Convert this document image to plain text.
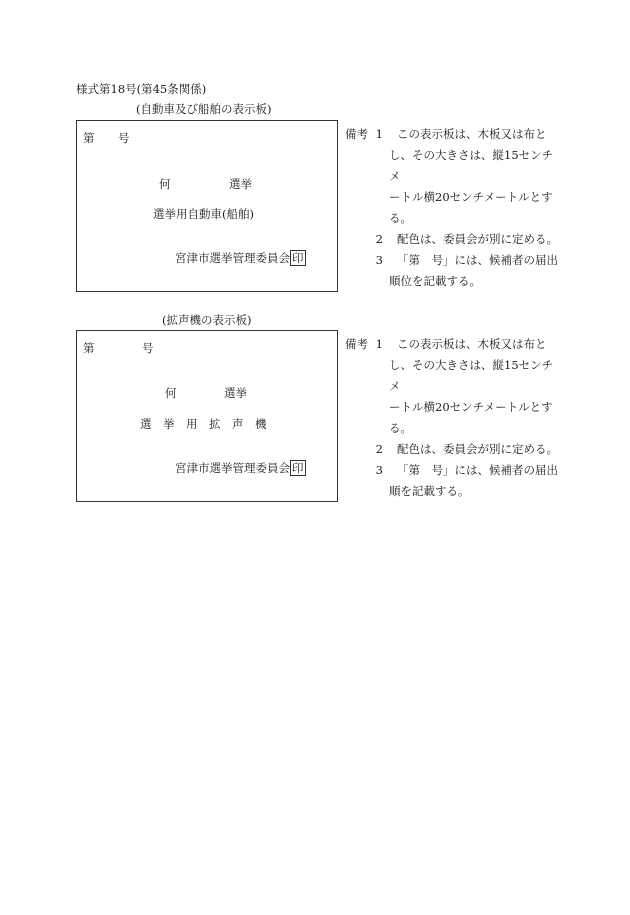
様式第18号(第45条関係)
(自動車及び船舶の表示板)
第 号
何	選挙
選挙用自動車(船舶)
宮津市選挙管理委員会 印
備考 1	この表示板は、木板又は布と
し、その大きさは、縦15センチメ
ートル横20センチメートルとす
る。
2	配色は、委員会が別に定める。
3	「第　号」には、候補者の届出
順位を記載する。
(拡声機の表示板)
第	号
何	選挙
選　挙　用　拡　声　機
宮津市選挙管理委員会 印
備考 1	この表示板は、木板又は布と
し、その大きさは、縦15センチメ
ートル横20センチメートルとす
る。
2	配色は、委員会が別に定める。
3	「第　号」には、候補者の届出
順を記載する。
